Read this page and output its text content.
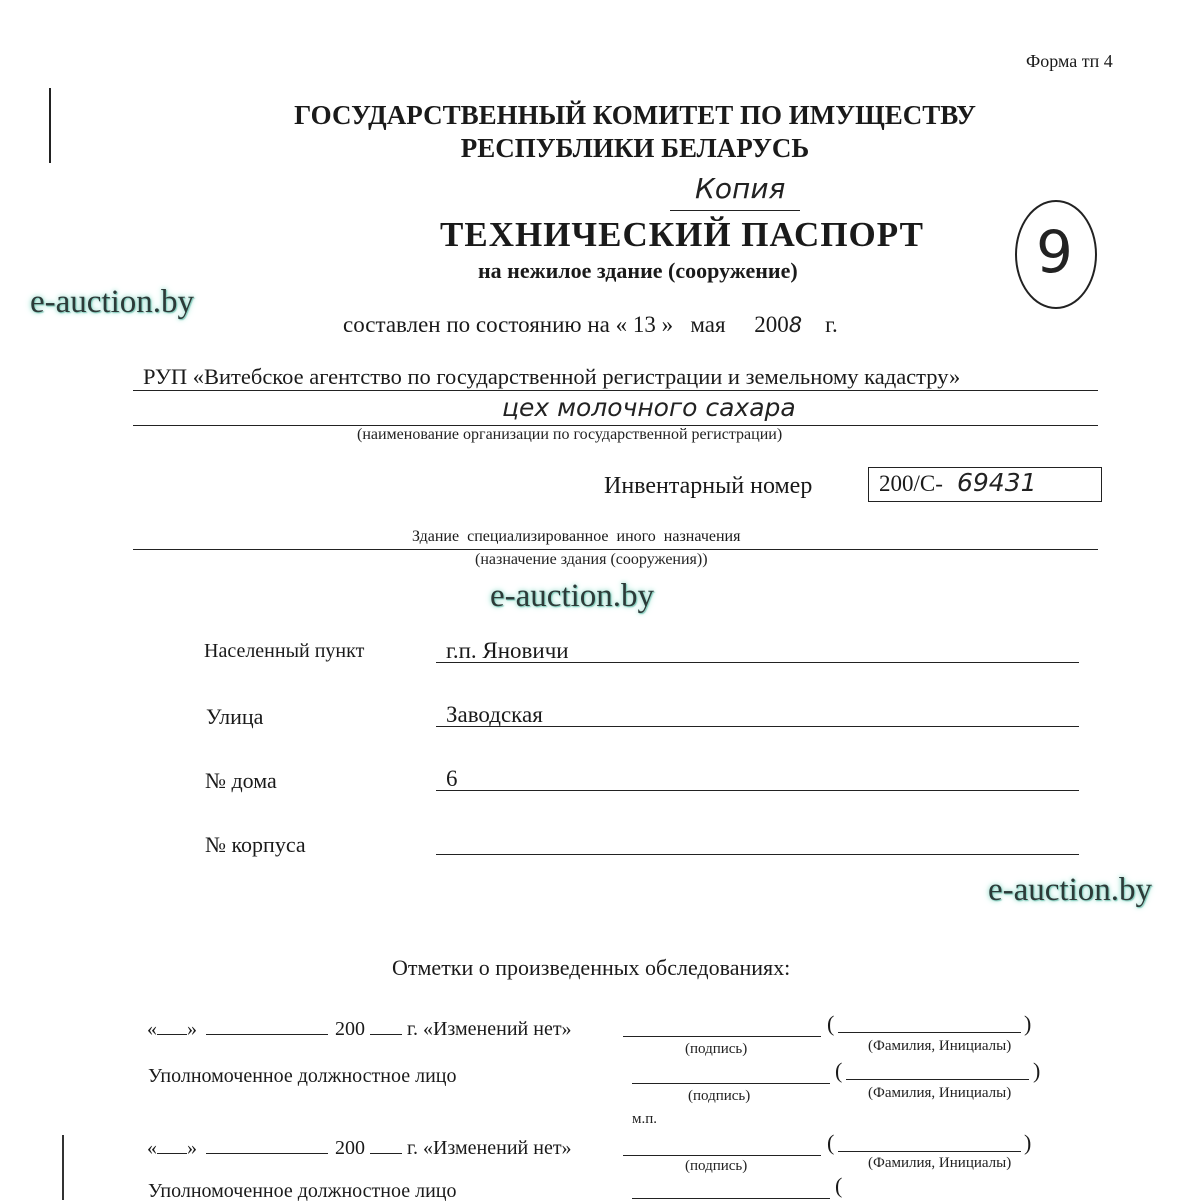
Форма тп 4
ГОСУДАРСТВЕННЫЙ КОМИТЕТ ПО ИМУЩЕСТВУ
РЕСПУБЛИКИ БЕЛАРУСЬ
Копия
9
ТЕХНИЧЕСКИЙ ПАСПОРТ
на нежилое здание (сооружение)
e-auction.by
составлен по состоянию на « 13 » мая 2008 г.
РУП «Витебское агентство по государственной регистрации и земельному кадастру»
цех молочного сахара
(наименование организации по государственной регистрации)
Инвентарный номер	200/С- 69431
Здание  специализированное  иного  назначения
(назначение здания (сооружения))
e-auction.by
Населенный пункт	г.п. Яновичи
Улица	Заводская
№ дома	6
№ корпуса
e-auction.by
Отметки о произведенных обследованиях:
« »	200 г. «Изменений нет»	(	)
(подпись)	(Фамилия, Инициалы)
Уполномоченное должностное лицо	(	)
(подпись)	(Фамилия, Инициалы)
м.п.
« »	200 г. «Изменений нет»	(	)
(подпись)	(Фамилия, Инициалы)
Уполномоченное должностное лицо	(
